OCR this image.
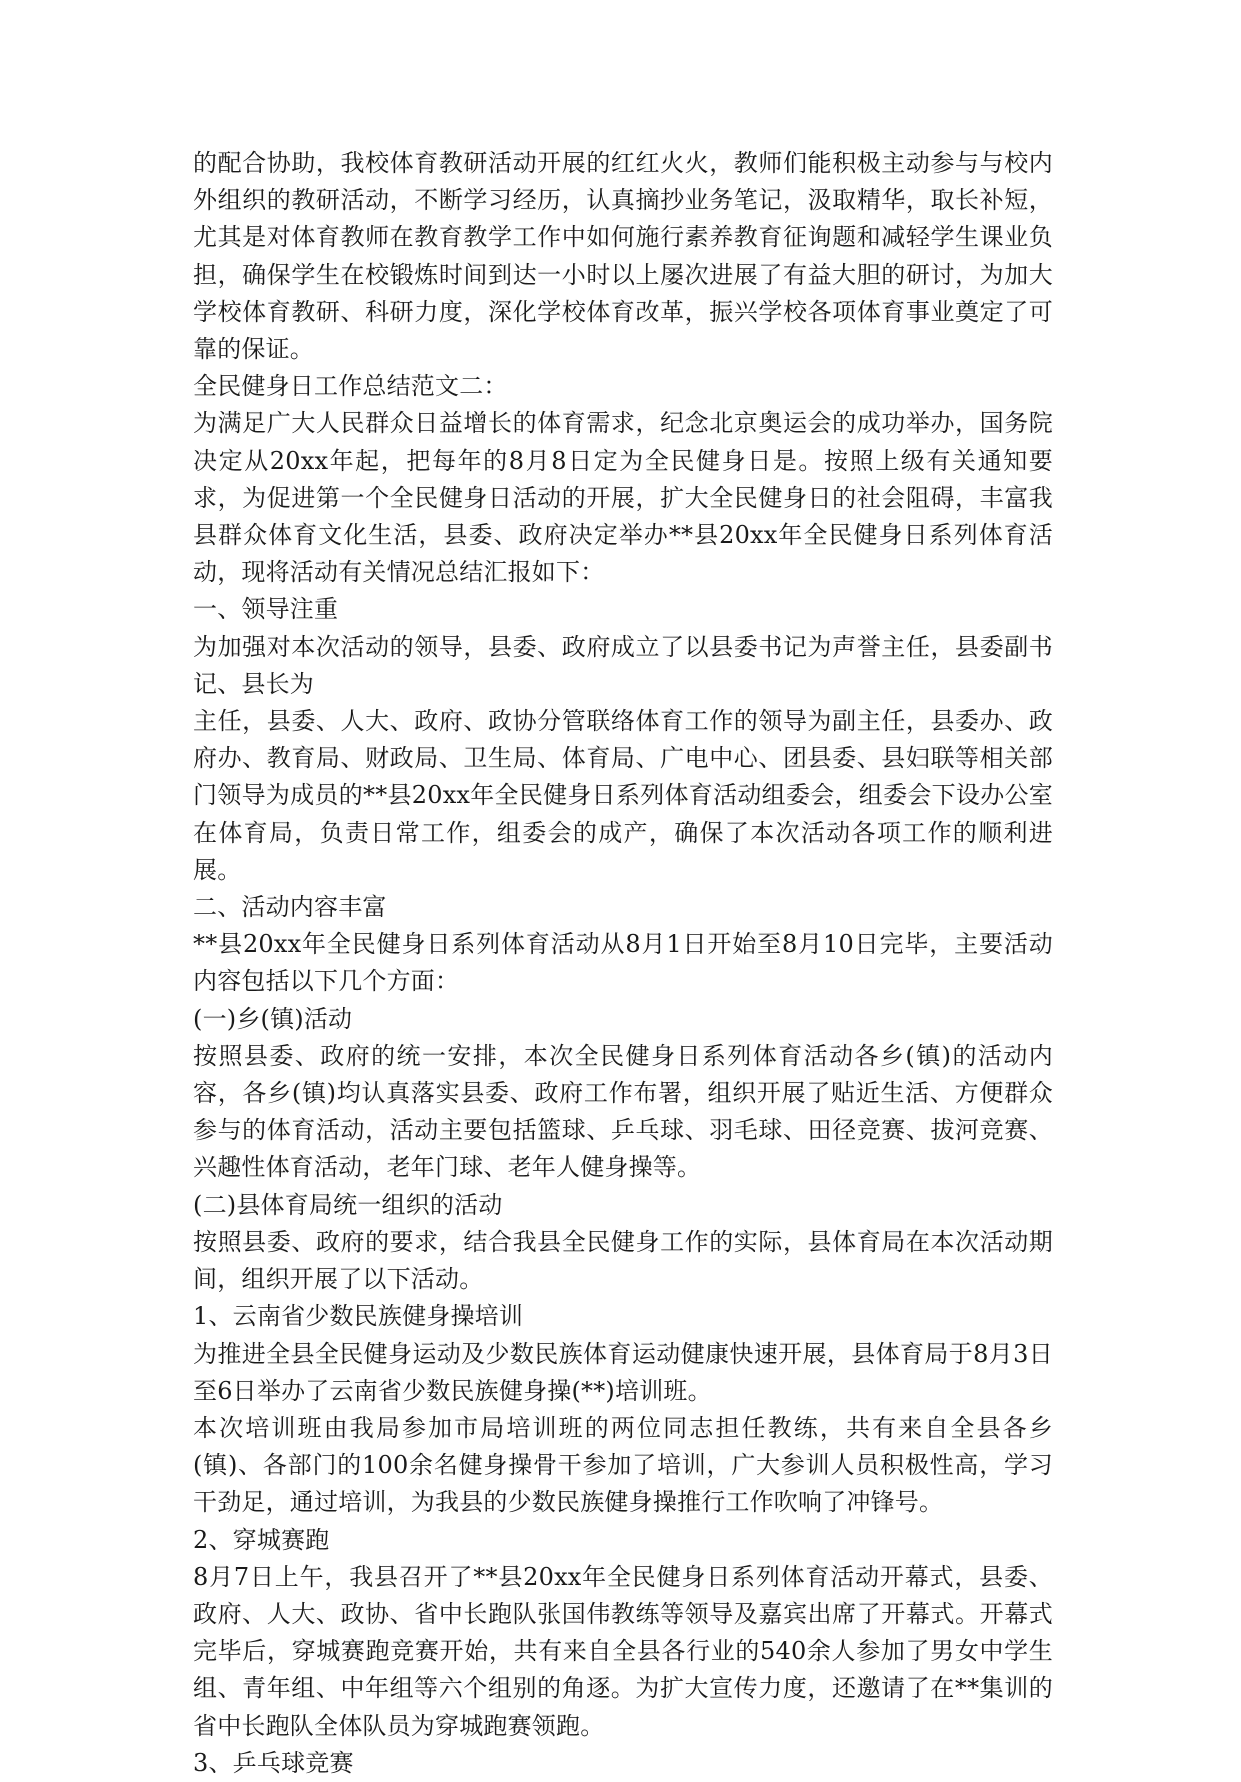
的配合协助，我校体育教研活动开展的红红火火，教师们能积极主动参与与校内外组织的教研活动，不断学习经历，认真摘抄业务笔记，汲取精华，取长补短，尤其是对体育教师在教育教学工作中如何施行素养教育征询题和减轻学生课业负担，确保学生在校锻炼时间到达一小时以上屡次进展了有益大胆的研讨，为加大学校体育教研、科研力度，深化学校体育改革，振兴学校各项体育事业奠定了可靠的保证。

全民健身日工作总结范文二：

为满足广大人民群众日益增长的体育需求，纪念北京奥运会的成功举办，国务院决定从20xx年起，把每年的8月8日定为全民健身日是。按照上级有关通知要求，为促进第一个全民健身日活动的开展，扩大全民健身日的社会阻碍，丰富我县群众体育文化生活，县委、政府决定举办**县20xx年全民健身日系列体育活动，现将活动有关情况总结汇报如下：

一、领导注重

为加强对本次活动的领导，县委、政府成立了以县委书记为声誉主任，县委副书记、县长为

主任，县委、人大、政府、政协分管联络体育工作的领导为副主任，县委办、政府办、教育局、财政局、卫生局、体育局、广电中心、团县委、县妇联等相关部门领导为成员的**县20xx年全民健身日系列体育活动组委会，组委会下设办公室在体育局，负责日常工作，组委会的成产，确保了本次活动各项工作的顺利进展。

二、活动内容丰富

**县20xx年全民健身日系列体育活动从8月1日开始至8月10日完毕，主要活动内容包括以下几个方面：

(一)乡(镇)活动

按照县委、政府的统一安排，本次全民健身日系列体育活动各乡(镇)的活动内容，各乡(镇)均认真落实县委、政府工作布署，组织开展了贴近生活、方便群众参与的体育活动，活动主要包括篮球、乒乓球、羽毛球、田径竞赛、拔河竞赛、兴趣性体育活动，老年门球、老年人健身操等。

(二)县体育局统一组织的活动

按照县委、政府的要求，结合我县全民健身工作的实际，县体育局在本次活动期间，组织开展了以下活动。

1、云南省少数民族健身操培训

为推进全县全民健身运动及少数民族体育运动健康快速开展，县体育局于8月3日至6日举办了云南省少数民族健身操(**)培训班。

本次培训班由我局参加市局培训班的两位同志担任教练，共有来自全县各乡(镇)、各部门的100余名健身操骨干参加了培训，广大参训人员积极性高，学习干劲足，通过培训，为我县的少数民族健身操推行工作吹响了冲锋号。

2、穿城赛跑

8月7日上午，我县召开了**县20xx年全民健身日系列体育活动开幕式，县委、政府、人大、政协、省中长跑队张国伟教练等领导及嘉宾出席了开幕式。开幕式完毕后，穿城赛跑竞赛开始，共有来自全县各行业的540余人参加了男女中学生组、青年组、中年组等六个组别的角逐。为扩大宣传力度，还邀请了在**集训的省中长跑队全体队员为穿城跑赛领跑。

3、乒乓球竞赛
